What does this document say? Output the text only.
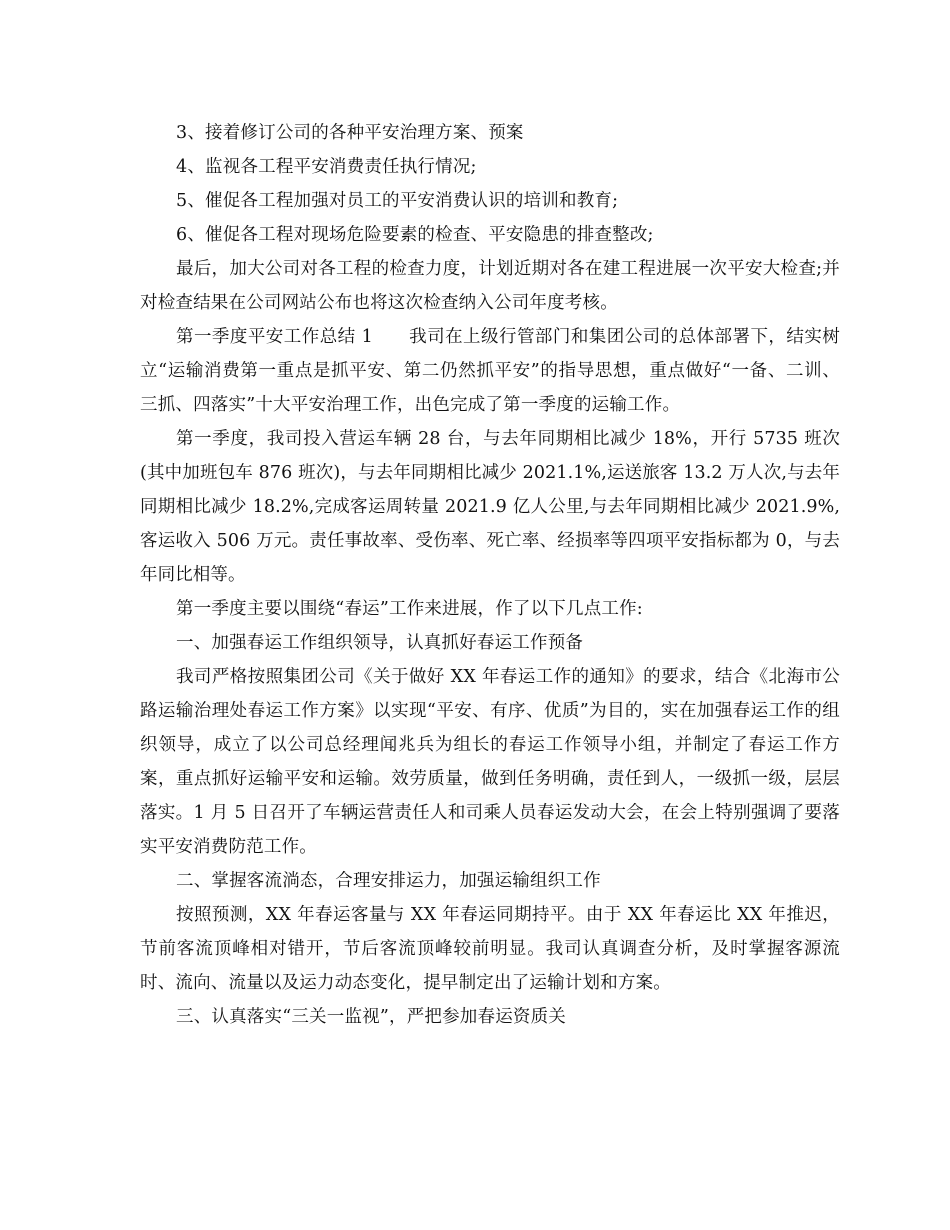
3、接着修订公司的各种平安治理方案、预案

4、监视各工程平安消费责任执行情况;

5、催促各工程加强对员工的平安消费认识的培训和教育;

6、催促各工程对现场危险要素的检查、平安隐患的排查整改;

最后，加大公司对各工程的检查力度，计划近期对各在建工程进展一次平安大检查;并对检查结果在公司网站公布也将这次检查纳入公司年度考核。

第一季度平安工作总结 1　　我司在上级行管部门和集团公司的总体部署下，结实树立“运输消费第一重点是抓平安、第二仍然抓平安”的指导思想，重点做好“一备、二训、三抓、四落实”十大平安治理工作，出色完成了第一季度的运输工作。

第一季度，我司投入营运车辆 28 台，与去年同期相比减少 18%，开行 5735 班次(其中加班包车 876 班次)，与去年同期相比减少 2021.1%,运送旅客 13.2 万人次,与去年同期相比减少 18.2%,完成客运周转量 2021.9 亿人公里,与去年同期相比减少 2021.9%,客运收入 506 万元。责任事故率、受伤率、死亡率、经损率等四项平安指标都为 0，与去年同比相等。

第一季度主要以围绕“春运”工作来进展，作了以下几点工作:

一、加强春运工作组织领导，认真抓好春运工作预备

我司严格按照集团公司《关于做好 XX 年春运工作的通知》的要求，结合《北海市公路运输治理处春运工作方案》以实现“平安、有序、优质”为目的，实在加强春运工作的组织领导，成立了以公司总经理闻兆兵为组长的春运工作领导小组，并制定了春运工作方案，重点抓好运输平安和运输。效劳质量，做到任务明确，责任到人，一级抓一级，层层落实。1 月 5 日召开了车辆运营责任人和司乘人员春运发动大会，在会上特别强调了要落实平安消费防范工作。

二、掌握客流淌态，合理安排运力，加强运输组织工作

按照预测，XX 年春运客量与 XX 年春运同期持平。由于 XX 年春运比 XX 年推迟，节前客流顶峰相对错开，节后客流顶峰较前明显。我司认真调查分析，及时掌握客源流时、流向、流量以及运力动态变化，提早制定出了运输计划和方案。

三、认真落实“三关一监视”，严把参加春运资质关
